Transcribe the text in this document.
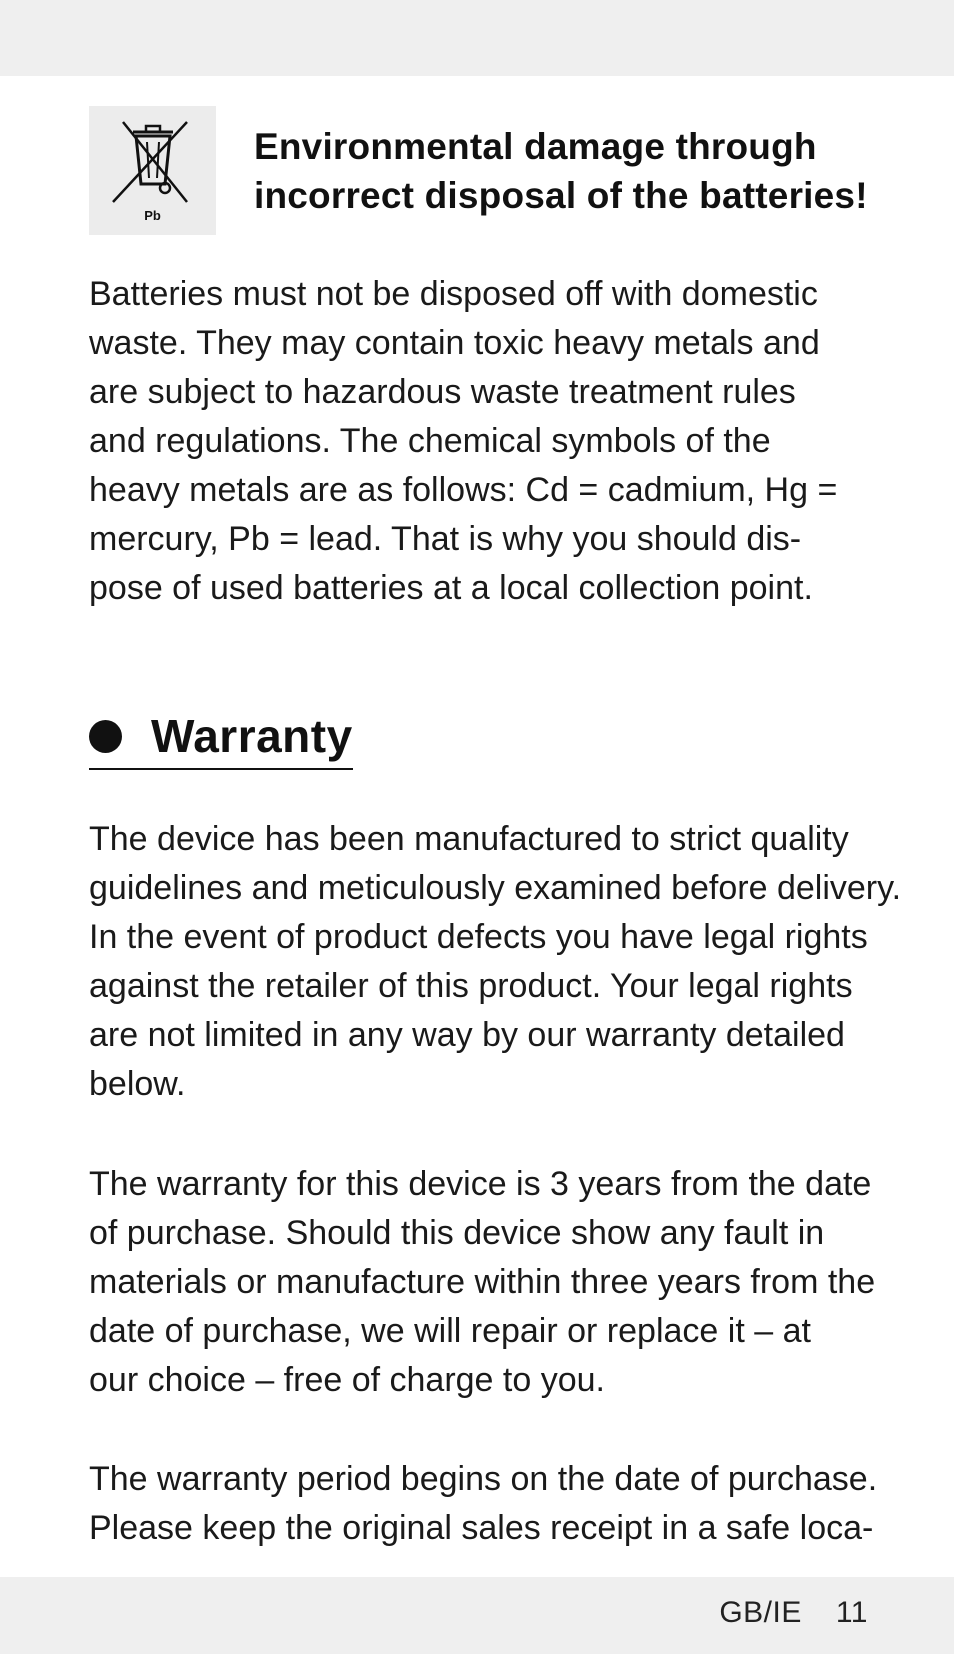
Pb
Environmental damage through
incorrect disposal of the batteries!

Batteries must not be disposed off with domestic
waste. They may contain toxic heavy metals and
are subject to hazardous waste treatment rules
and regulations. The chemical symbols of the
heavy metals are as follows: Cd = cadmium, Hg =
mercury, Pb = lead. That is why you should dis-
pose of used batteries at a local collection point.

Warranty

The device has been manufactured to strict quality
guidelines and meticulously examined before delivery.
In the event of product defects you have legal rights
against the retailer of this product. Your legal rights
are not limited in any way by our warranty detailed
below.

The warranty for this device is 3 years from the date
of purchase. Should this device show any fault in
materials or manufacture within three years from the
date of purchase, we will repair or replace it – at
our choice – free of charge to you.

The warranty period begins on the date of purchase.
Please keep the original sales receipt in a safe loca-

GB/IE 11
